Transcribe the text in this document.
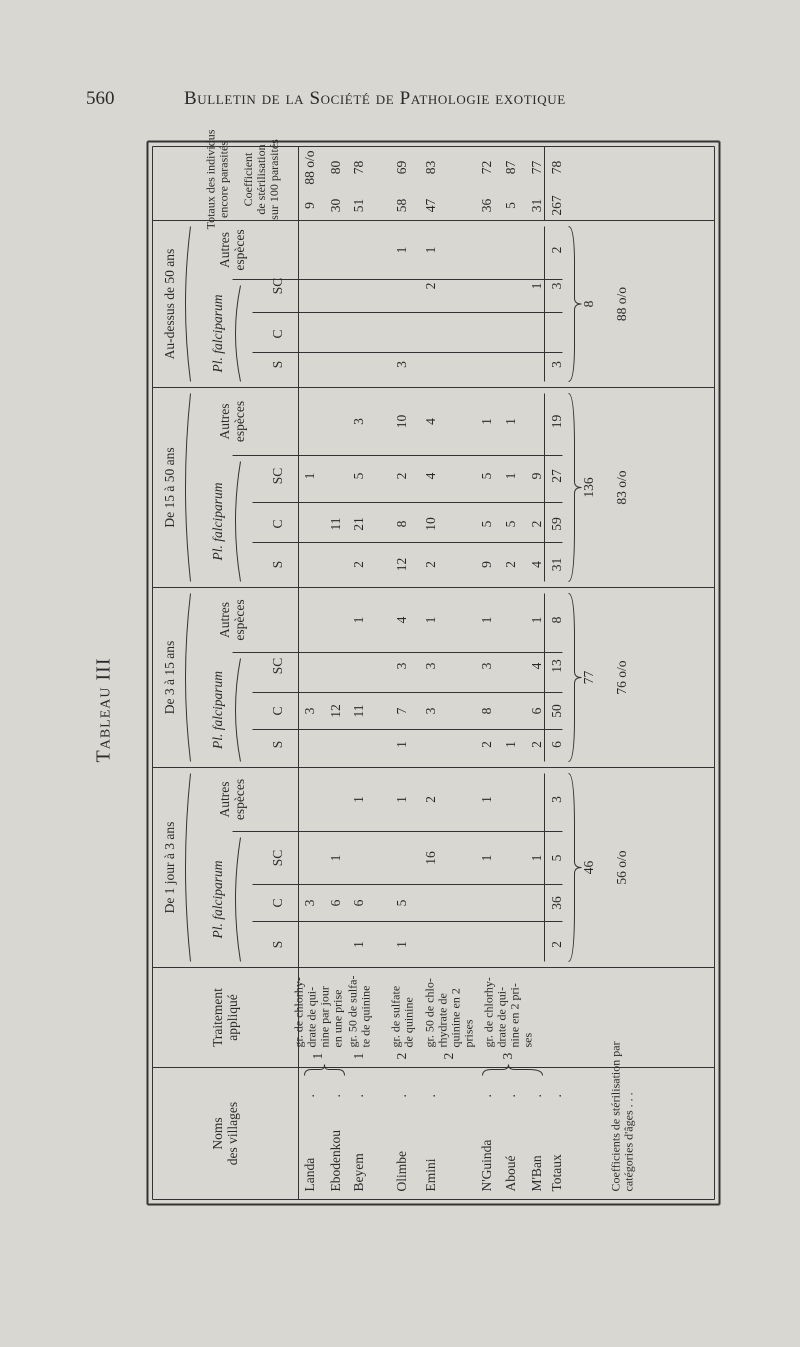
560	Bulletin de la Société de Pathologie exotique
Tableau III
Noms
des villages
Traitement
appliqué
De 1 jour à 3 ans Pl. falciparum
Autres
espèces
S
C
SC
De 3 à 15 ans Pl. falciparum
Autres
espèces
S
C
SC
De 15 à 50 ans Pl. falciparum
Autres
espèces
S
C
SC
Au-dessus de 50 ans Pl. falciparum
Autres
espèces
S
C
SC
Totaux des individus
encore parasités Coefficient
de stérilisation
sur 100 parasités
Landa
.
3
3
1
9
88 o/o
Ebodenkou
.
6
1
12
11
30
80
Beyem
.
1
6
1
11
1
2
21
5
3
51
78
Olimbe
.
1
5
1
1
7
3
4
12
8
2
10
3
1
58
69
Emini
.
16
2
3
3
1
2
10
4
4
2
1
47
83
N'Guinda
.
1
1
2
8
3
1
9
5
5
1
36
72
Aboué
.
1
2
5
1
1
5
87
M'Ban
.
1
2
6
4
1
4
2
9
1
31
77
1
gr. de chlorhy-
drate de qui-
nine par jour
en une prise
1
gr. 50 de sulfa-
te de quinine
2
gr. de sulfate
de quinine
2
gr. 50 de chlo-
rhydrate de
quinine en 2
prises
3
gr. de chlorhy-
drate de qui-
nine en 2 pri-
ses
Totaux
.
2
36
5
3
6
50
13
8
31
59
27
19
3
3
2
267
78
46 56 o/o
77 76 o/o
136 83 o/o
8 88 o/o
Coefficients de stérilisation par
catégories d'âges . . .
